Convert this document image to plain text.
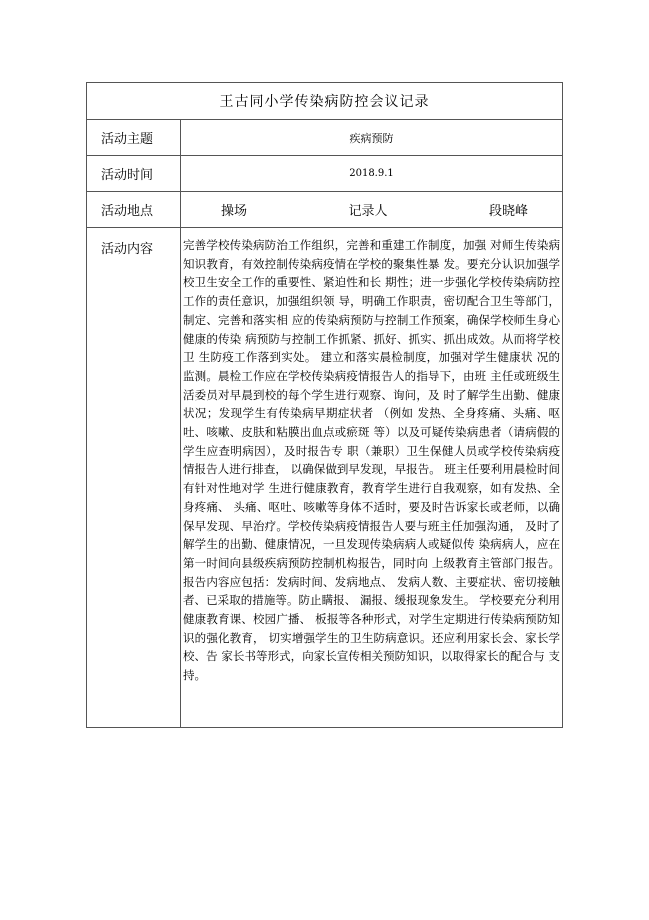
王古同小学传染病防控会议记录	
活动主题	疾病预防
活动时间	2018.9.1
活动地点	操场 记录人 段晓峰

活动内容	完善学校传染病防治工作组织，完善和重建工作制度，加强 对师生传染病知识教育，有效控制传染病疫情在学校的聚集性暴 发。要充分认识加强学校卫生安全工作的重要性、紧迫性和长 期性；进一步强化学校传染病防控工作的责任意识，加强组织领 导，明确工作职责，密切配合卫生等部门，制定、完善和落实相 应的传染病预防与控制工作预案，确保学校师生身心健康的传染 病预防与控制工作抓紧、抓好、抓实、抓出成效。从而将学校卫 生防疫工作落到实处。 建立和落实晨检制度，加强对学生健康状 况的监测。晨检工作应在学校传染病疫情报告人的指导下，由班 主任或班级生活委员对早晨到校的每个学生进行观察、询问，及 时了解学生出勤、健康状况；发现学生有传染病早期症状者 （例如 发热、全身疼痛、头痛、呕吐、咳嗽、皮肤和粘膜出血点或瘀斑 等）以及可疑传染病患者（请病假的学生应查明病因），及时报告专 职（兼职）卫生保健人员或学校传染病疫情报告人进行排查， 以确保做到早发现，早报告。 班主任要利用晨检时间有针对性地对学 生进行健康教育，教育学生进行自我观察，如有发热、全身疼痛、 头痛、呕吐、咳嗽等身体不适时，要及时告诉家长或老师，以确 保早发现、早治疗。学校传染病疫情报告人要与班主任加强沟通， 及时了解学生的出勤、健康情况，一旦发现传染病病人或疑似传 染病病人，应在第一时间向县级疾病预防控制机构报告，同时向 上级教育主管部门报告。报告内容应包括：发病时间、发病地点、 发病人数、主要症状、密切接触者、已采取的措施等。防止瞒报、 漏报、缓报现象发生。 学校要充分利用健康教育课、校园广播、 板报等各种形式，对学生定期进行传染病预防知识的强化教育， 切实增强学生的卫生防病意识。还应利用家长会、家长学校、告 家长书等形式，向家长宣传相关预防知识，以取得家长的配合与 支持。
